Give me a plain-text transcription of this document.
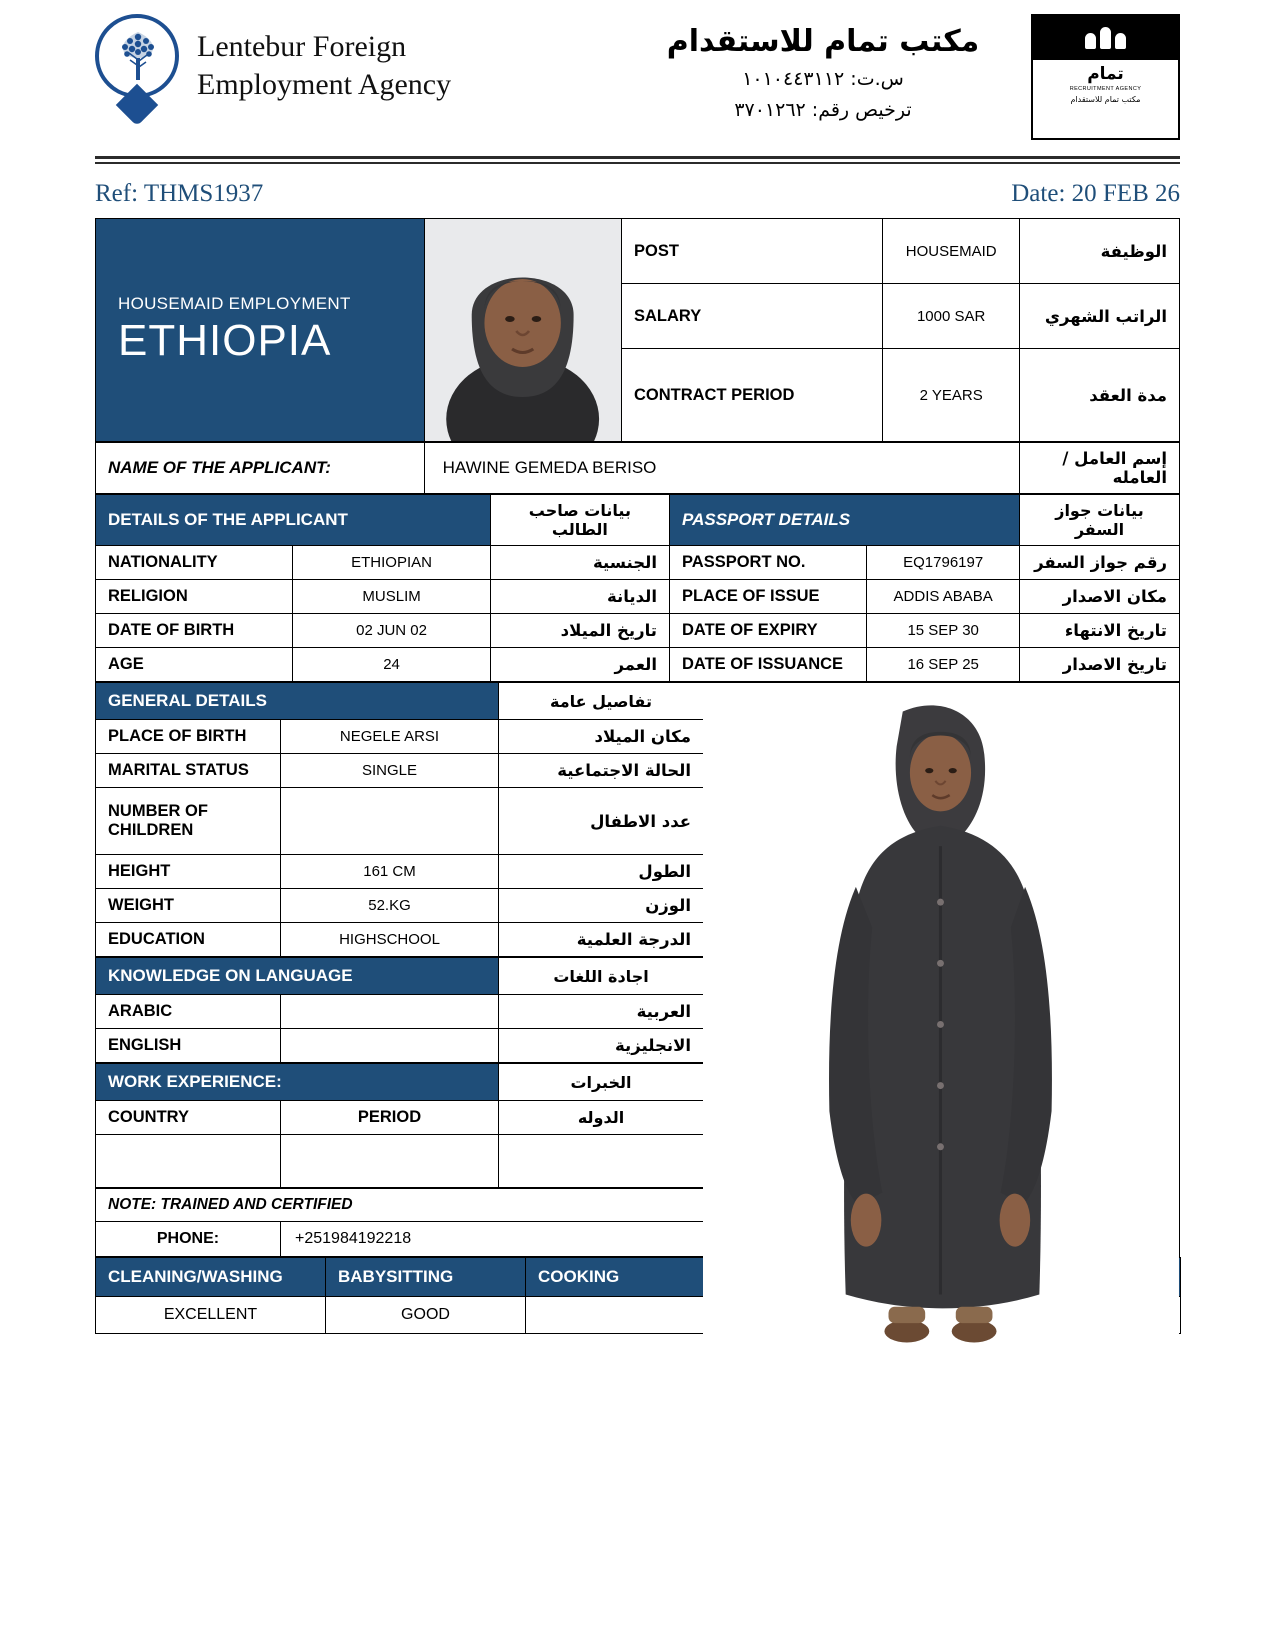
Lentebur Foreign
Employment Agency
مكتب تمام للاستقدام
س.ت: ١٠١٠٤٤٣١١٢
ترخيص رقم: ٣٧٠١٢٦٢
تمام
RECRUITMENT AGENCY
مكتب تمام للاستقدام
Ref: THMS1937	Date: 20 FEB 26
HOUSEMAID EMPLOYMENT
ETHIOPIA		POST	HOUSEMAID	الوظيفة
		SALARY	1000 SAR	الراتب الشهري
		CONTRACT PERIOD	2 YEARS	مدة العقد
NAME OF THE APPLICANT:	HAWINE GEMEDA BERISO	إسم العامل / العامله
DETAILS OF THE APPLICANT		بيانات صاحب الطالب	PASSPORT DETAILS		بيانات جواز السفر
NATIONALITY	ETHIOPIAN	الجنسية	PASSPORT NO.	EQ1796197	رقم جواز السفر
RELIGION	MUSLIM	الديانة	PLACE OF ISSUE	ADDIS ABABA	مكان الاصدار
DATE OF BIRTH	02 JUN 02	تاريخ الميلاد	DATE OF EXPIRY	15 SEP 30	تاريخ الانتهاء
AGE	24	العمر	DATE OF ISSUANCE	16 SEP 25	تاريخ الاصدار
GENERAL DETAILS		تفاصيل عامة
PLACE OF BIRTH	NEGELE ARSI	مكان الميلاد
MARITAL STATUS	SINGLE	الحالة الاجتماعية
NUMBER OF CHILDREN		عدد الاطفال
HEIGHT	161 CM	الطول
WEIGHT	52.KG	الوزن
EDUCATION	HIGHSCHOOL	الدرجة العلمية
KNOWLEDGE ON LANGUAGE		اجادة اللغات
ARABIC		العربية
ENGLISH		الانجليزية
WORK EXPERIENCE:		الخبرات
COUNTRY	PERIOD	الدوله

NOTE: TRAINED AND CERTIFIED
PHONE:	+251984192218
CLEANING/WASHING	BABYSITTING	COOKING		
EXCELLENT	GOOD			
